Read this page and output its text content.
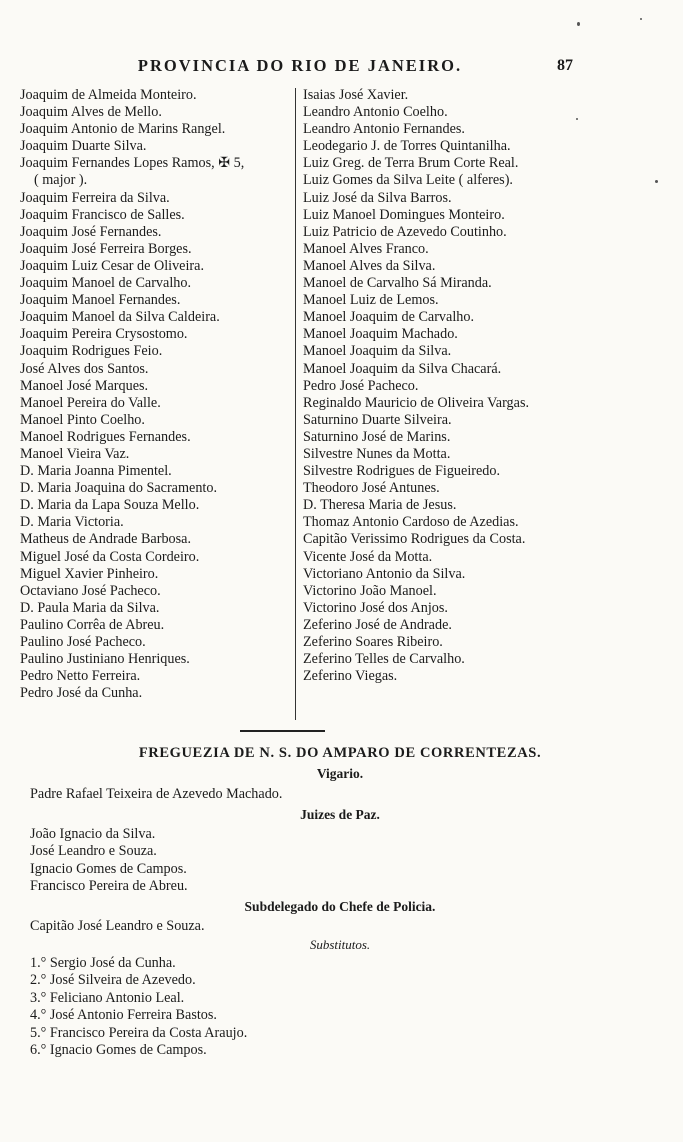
PROVINCIA DO RIO DE JANEIRO.	87
Joaquim de Almeida Monteiro.
Joaquim Alves de Mello.
Joaquim Antonio de Marins Rangel.
Joaquim Duarte Silva.
Joaquim Fernandes Lopes Ramos, ✠ 5,
( major ).
Joaquim Ferreira da Silva.
Joaquim Francisco de Salles.
Joaquim José Fernandes.
Joaquim José Ferreira Borges.
Joaquim Luiz Cesar de Oliveira.
Joaquim Manoel de Carvalho.
Joaquim Manoel Fernandes.
Joaquim Manoel da Silva Caldeira.
Joaquim Pereira Crysostomo.
Joaquim Rodrigues Feio.
José Alves dos Santos.
Manoel José Marques.
Manoel Pereira do Valle.
Manoel Pinto Coelho.
Manoel Rodrigues Fernandes.
Manoel Vieira Vaz.
D. Maria Joanna Pimentel.
D. Maria Joaquina do Sacramento.
D. Maria da Lapa Souza Mello.
D. Maria Victoria.
Matheus de Andrade Barbosa.
Miguel José da Costa Cordeiro.
Miguel Xavier Pinheiro.
Octaviano José Pacheco.
D. Paula Maria da Silva.
Paulino Corrêa de Abreu.
Paulino José Pacheco.
Paulino Justiniano Henriques.
Pedro Netto Ferreira.
Pedro José da Cunha.
Isaias José Xavier.
Leandro Antonio Coelho.
Leandro Antonio Fernandes.
Leodegario J. de Torres Quintanilha.
Luiz Greg. de Terra Brum Corte Real.
Luiz Gomes da Silva Leite ( alferes).
Luiz José da Silva Barros.
Luiz Manoel Domingues Monteiro.
Luiz Patricio de Azevedo Coutinho.
Manoel Alves Franco.
Manoel Alves da Silva.
Manoel de Carvalho Sá Miranda.
Manoel Luiz de Lemos.
Manoel Joaquim de Carvalho.
Manoel Joaquim Machado.
Manoel Joaquim da Silva.
Manoel Joaquim da Silva Chacará.
Pedro José Pacheco.
Reginaldo Mauricio de Oliveira Vargas.
Saturnino Duarte Silveira.
Saturnino José de Marins.
Silvestre Nunes da Motta.
Silvestre Rodrigues de Figueiredo.
Theodoro José Antunes.
D. Theresa Maria de Jesus.
Thomaz Antonio Cardoso de Azedias.
Capitão Verissimo Rodrigues da Costa.
Vicente José da Motta.
Victoriano Antonio da Silva.
Victorino João Manoel.
Victorino José dos Anjos.
Zeferino José de Andrade.
Zeferino Soares Ribeiro.
Zeferino Telles de Carvalho.
Zeferino Viegas.
FREGUEZIA DE N. S. DO AMPARO DE CORRENTEZAS.
Vigario.
Padre Rafael Teixeira de Azevedo Machado.
Juizes de Paz.
João Ignacio da Silva.
José Leandro e Souza.
Ignacio Gomes de Campos.
Francisco Pereira de Abreu.
Subdelegado do Chefe de Policia.
Capitão José Leandro e Souza.
Substitutos.
1.° Sergio José da Cunha.
2.° José Silveira de Azevedo.
3.° Feliciano Antonio Leal.
4.° José Antonio Ferreira Bastos.
5.° Francisco Pereira da Costa Araujo.
6.° Ignacio Gomes de Campos.
